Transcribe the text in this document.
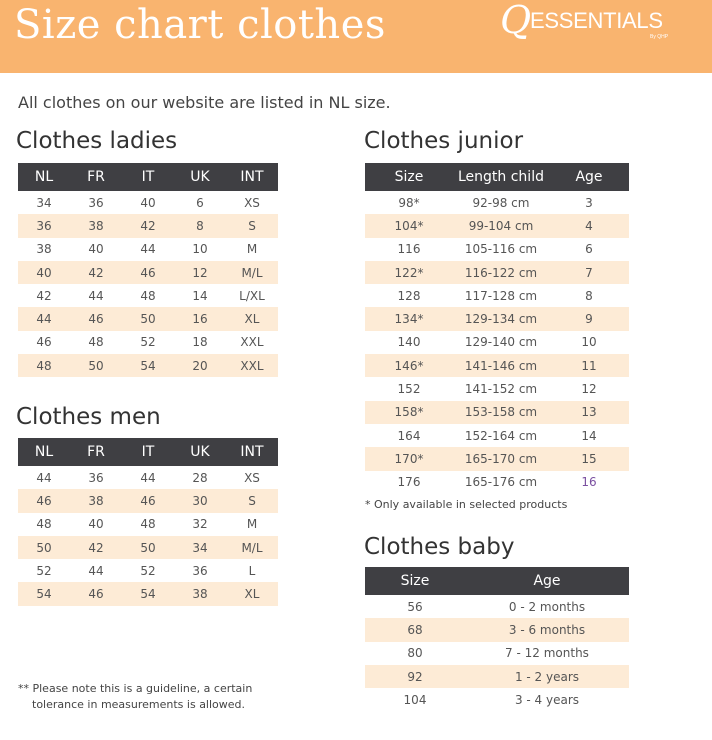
Size chart clothes	Q
ESSENTIALS
By QHP
All clothes on our website are listed in NL size.
Clothes ladies
NL	FR	IT	UK	INT
34	36	40	6	XS
36	38	42	8	S
38	40	44	10	M
40	42	46	12	M/L
42	44	48	14	L/XL
44	46	50	16	XL
46	48	52	18	XXL
48	50	54	20	XXL
Clothes men
NL	FR	IT	UK	INT
44	36	44	28	XS
46	38	46	30	S
48	40	48	32	M
50	42	50	34	M/L
52	44	52	36	L
54	46	54	38	XL
Clothes junior
Size	Length child	Age
98*	92-98 cm	3
104*	99-104 cm	4
116	105-116 cm	6
122*	116-122 cm	7
128	117-128 cm	8
134*	129-134 cm	9
140	129-140 cm	10
146*	141-146 cm	11
152	141-152 cm	12
158*	153-158 cm	13
164	152-164 cm	14
170*	165-170 cm	15
176	165-176 cm	16
* Only available in selected products
Clothes baby
Size	Age
56	0 - 2 months
68	3 - 6 months
80	7 - 12 months
92	1 - 2 years
104	3 - 4 years
** Please note this is a guideline, a certain
tolerance in measurements is allowed.
